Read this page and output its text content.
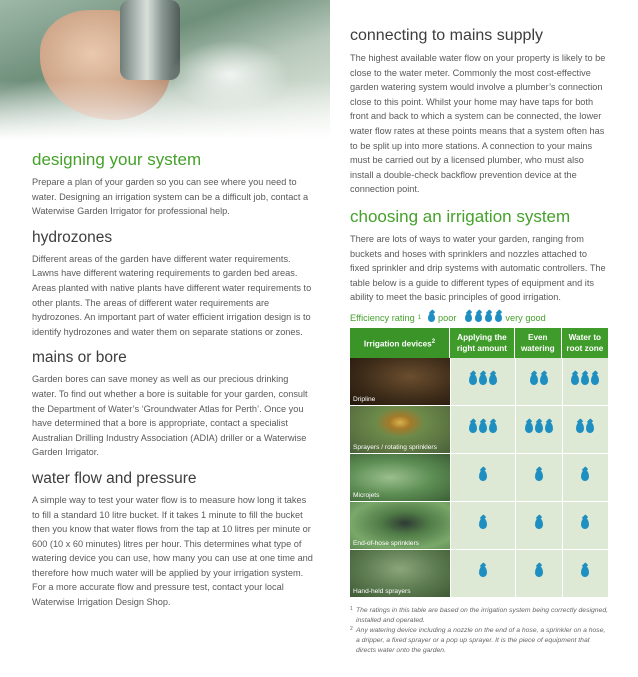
designing your system

Prepare a plan of your garden so you can see where you need to water. Designing an irrigation system can be a difficult job, contact a Waterwise Garden Irrigator for professional help.

hydrozones

Different areas of the garden have different water requirements. Lawns have different watering requirements to garden bed areas. Areas planted with native plants have different water requirements to other plants. The areas of different water requirements are hydrozones. An important part of water efficient irrigation design is to identify hydrozones and water them on separate stations or zones.

mains or bore

Garden bores can save money as well as our precious drinking water. To find out whether a bore is suitable for your garden, consult the Department of Water’s ‘Groundwater Atlas for Perth’. Once you have determined that a bore is appropriate, contact a specialist Australian Drilling Industry Association (ADIA) driller or a Waterwise Garden Irrigator.

water flow and pressure

A simple way to test your water flow is to measure how long it takes to fill a standard 10 litre bucket. If it takes 1 minute to fill the bucket then you know that water flows from the tap at 10 litres per minute or 600 (10 x 60 minutes) litres per hour. This determines what type of watering device you can use, how many you can use at one time and therefore how much water will be applied by your irrigation system. For a more accurate flow and pressure test, contact your local Waterwise Irrigation Design Shop.

connecting to mains supply

The highest available water flow on your property is likely to be close to the water meter. Commonly the most cost-effective garden watering system would involve a plumber’s connection close to this point. Whilst your home may have taps for both front and back to which a system can be connected, the lower water flow rates at these points means that a system often has to be split up into more stations. A connection to your mains must be carried out by a licensed plumber, who must also install a double-check backflow prevention device at the connection point.

choosing an irrigation system

There are lots of ways to water your garden, ranging from buckets and hoses with sprinklers and nozzles attached to fixed sprinkler and drip systems with automatic controllers. The table below is a guide to different types of equipment and its ability to meet the basic principles of good irrigation.

Efficiency rating 1 poor	very good
Irrigation devices$^2$	Applying the right amount	Even watering	Water to root zone

Dripline			

Sprayers / rotating sprinklers			

Microjets			

End-of-hose sprinklers			

Hand-held sprayers			

1 The ratings in this table are based on the irrigation system being correctly designed, installed and operated.
2 Any watering device including a nozzle on the end of a hose, a sprinkler on a hose, a dripper, a fixed sprayer or a pop up sprayer. It is the piece of equipment that directs water onto the garden.
